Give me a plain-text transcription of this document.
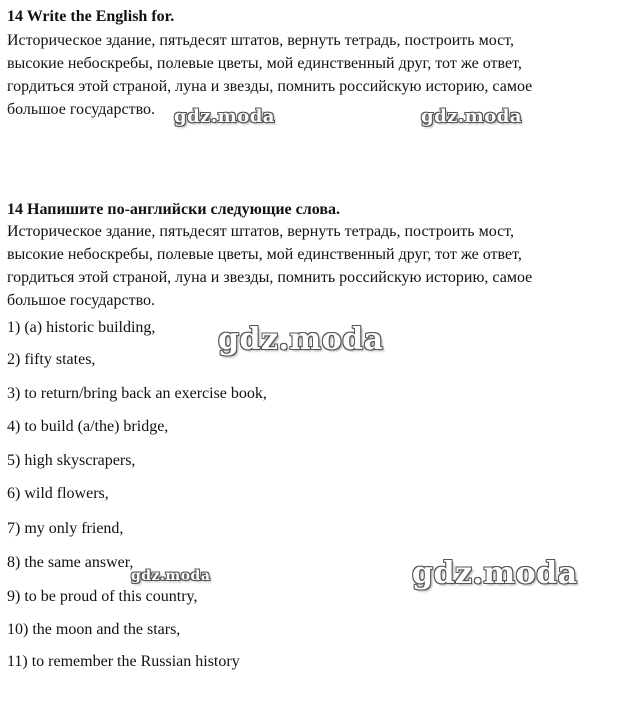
14 Write the English for.
Историческое здание, пятьдесят штатов, вернуть тетрадь, построить мост,
высокие небоскребы, полевые цветы, мой единственный друг, тот же ответ,
гордиться этой страной, луна и звезды, помнить российскую историю, самое
большое государство.
14 Напишите по-английски следующие слова.
Историческое здание, пятьдесят штатов, вернуть тетрадь, построить мост,
высокие небоскребы, полевые цветы, мой единственный друг, тот же ответ,
гордиться этой страной, луна и звезды, помнить российскую историю, самое
большое государство.
1) (a) historic building,
2) fifty states,
3) to return/bring back an exercise book,
4) to build (a/the) bridge,
5) high skyscrapers,
6) wild flowers,
7) my only friend,
8) the same answer,
9) to be proud of this country,
10) the moon and the stars,
11) to remember the Russian history
gdz.moda	gdz.moda
gdz.moda
gdz.moda	gdz.moda
